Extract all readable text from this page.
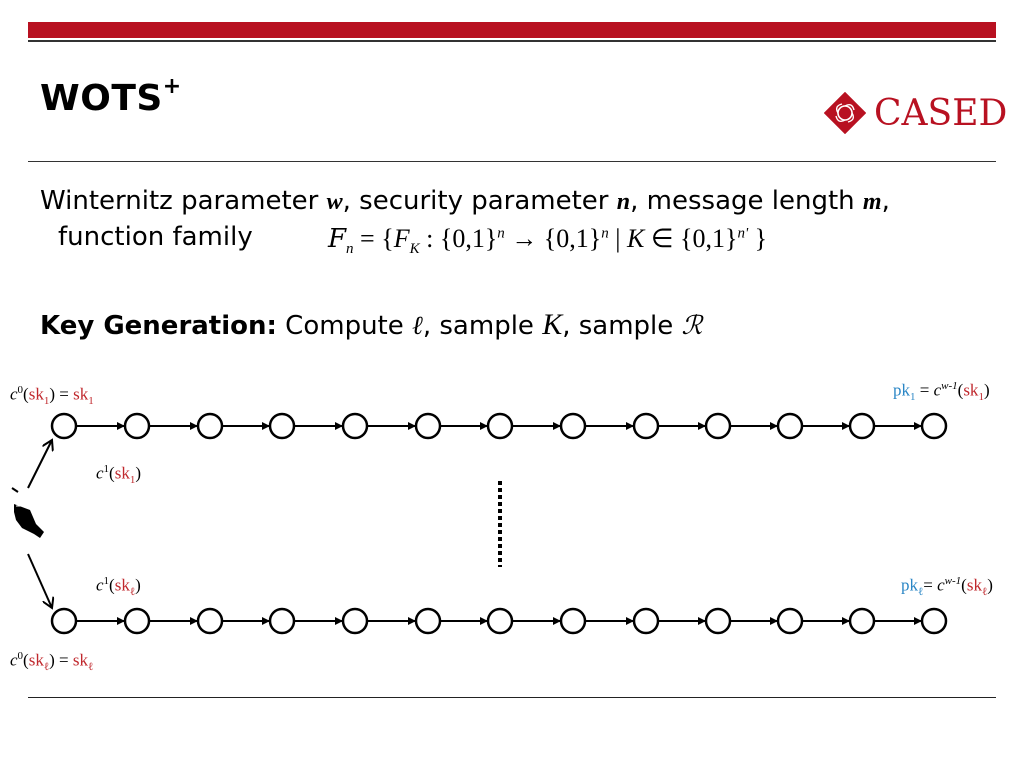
WOTS+
CASED
Winternitz parameter w, security parameter n, message length m,
function family	$F_n = \{F_K$ : $\{0,1\}^n \to \{0,1\}^n$ | K ∈ $\{0,1\}^{n'}$ }
Key Generation: Compute ℓ, sample K, sample ℛ
$c^0(sk_1) = sk_1$
$c^1(sk_1)$
$pk_1 = c^{w-1}(sk_1)$
$c^1(sk_\ell)$
$c^0(sk_\ell) = sk_\ell$
$pk_\ell= c^{w-1}(sk_\ell)$
